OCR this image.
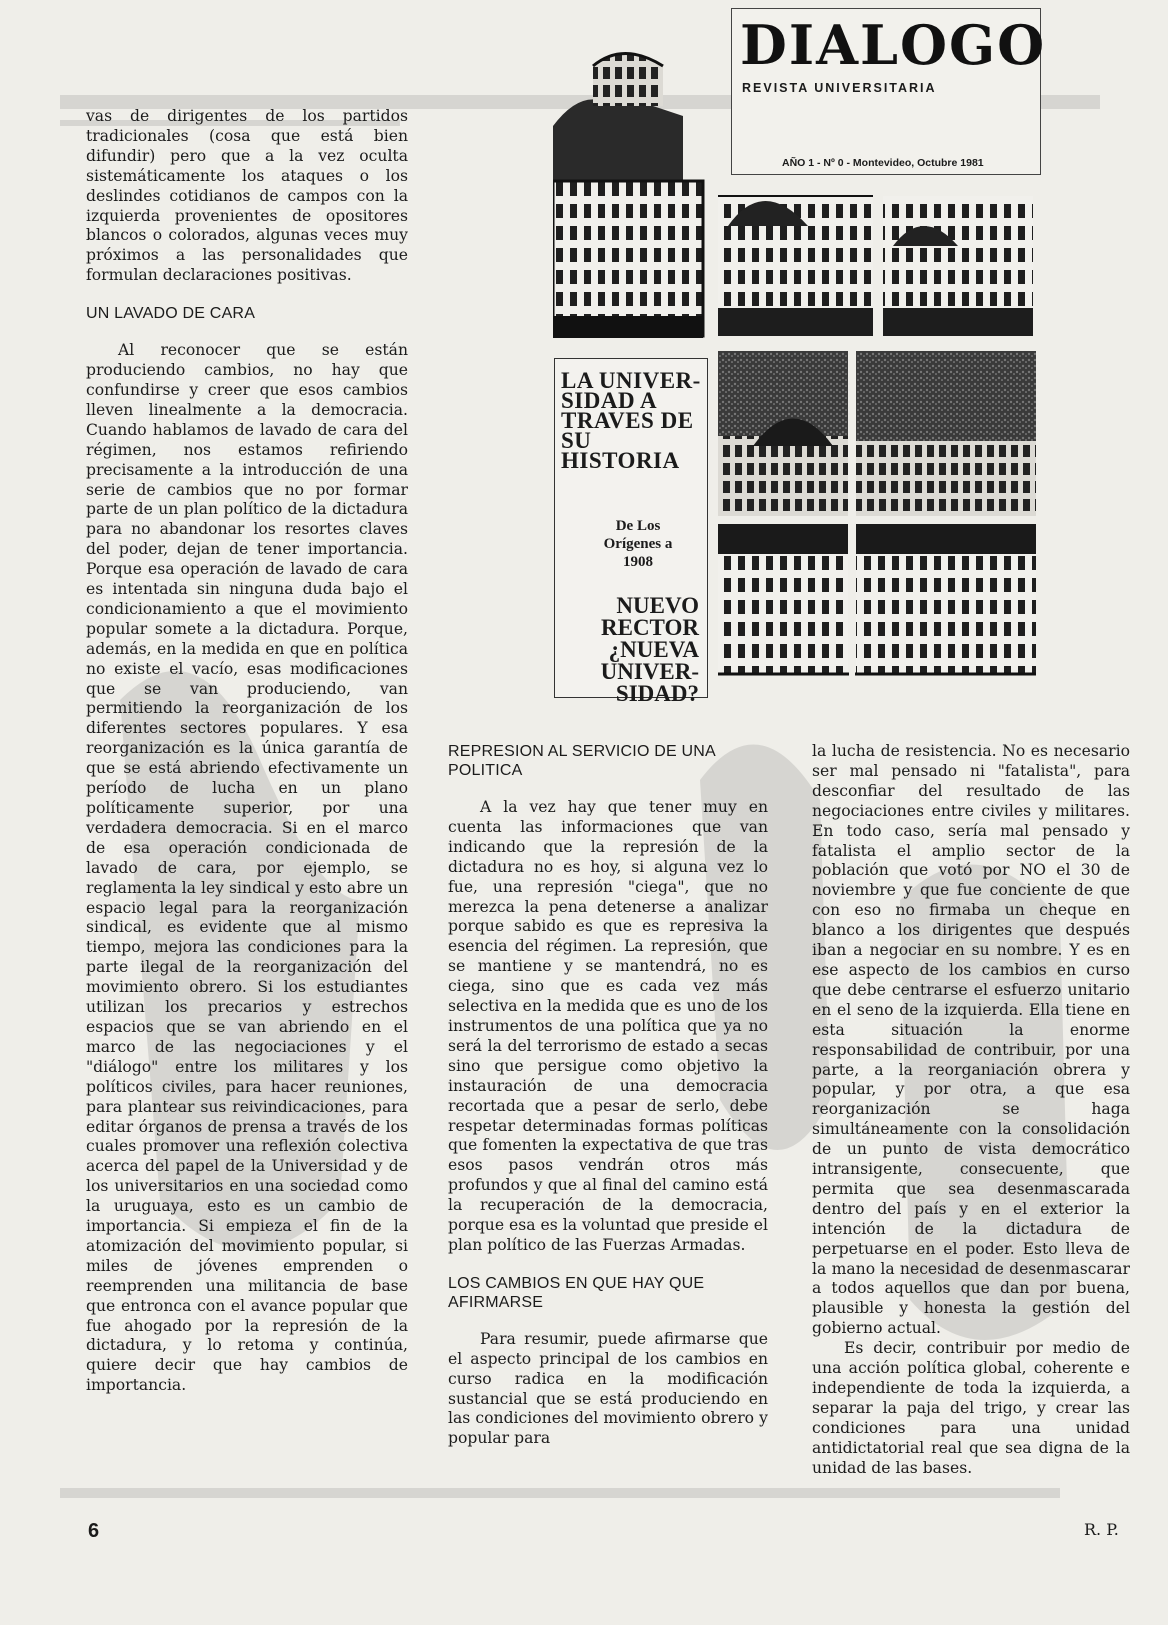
DIALOGO
REVISTA UNIVERSITARIA
AÑO 1 - Nº 0 - Montevideo, Octubre 1981
LA UNIVER-SIDAD A TRAVES DE SU HISTORIA
De Los Orígenes a 1908
NUEVO RECTOR ¿NUEVA UNIVER-SIDAD?

vas de dirigentes de los partidos tradicionales (cosa que está bien difundir) pero que a la vez oculta sistemáticamente los ataques o los deslindes cotidianos de campos con la izquierda provenientes de opositores blancos o colorados, algunas veces muy próximos a las personalidades que formulan declaraciones positivas.

UN LAVADO DE CARA

Al reconocer que se están produciendo cambios, no hay que confundirse y creer que esos cambios lleven linealmente a la democracia. Cuando hablamos de lavado de cara del régimen, nos estamos refiriendo precisamente a la introducción de una serie de cambios que no por formar parte de un plan político de la dictadura para no abandonar los resortes claves del poder, dejan de tener importancia. Porque esa operación de lavado de cara es intentada sin ninguna duda bajo el condicionamiento a que el movimiento popular somete a la dictadura. Porque, además, en la medida en que en política no existe el vacío, esas modificaciones que se van produciendo, van permitiendo la reorganización de los diferentes sectores populares. Y esa reorganización es la única garantía de que se está abriendo efectivamente un período de lucha en un plano políticamente superior, por una verdadera democracia. Si en el marco de esa operación condicionada de lavado de cara, por ejemplo, se reglamenta la ley sindical y esto abre un espacio legal para la reorganización sindical, es evidente que al mismo tiempo, mejora las condiciones para la parte ilegal de la reorganización del movimiento obrero. Si los estudiantes utilizan los precarios y estrechos espacios que se van abriendo en el marco de las negociaciones y el "diálogo" entre los militares y los políticos civiles, para hacer reuniones, para plantear sus reivindicaciones, para editar órganos de prensa a través de los cuales promover una reflexión colectiva acerca del papel de la Universidad y de los universitarios en una sociedad como la uruguaya, esto es un cambio de importancia. Si empieza el fin de la atomización del movimiento popular, si miles de jóvenes emprenden o reemprenden una militancia de base que entronca con el avance popular que fue ahogado por la represión de la dictadura, y lo retoma y continúa, quiere decir que hay cambios de importancia.

REPRESION AL SERVICIO DE UNA POLITICA

A la vez hay que tener muy en cuenta las informaciones que van indicando que la represión de la dictadura no es hoy, si alguna vez lo fue, una represión "ciega", que no merezca la pena detenerse a analizar porque sabido es que es represiva la esencia del régimen. La represión, que se mantiene y se mantendrá, no es ciega, sino que es cada vez más selectiva en la medida que es uno de los instrumentos de una política que ya no será la del terrorismo de estado a secas sino que persigue como objetivo la instauración de una democracia recortada que a pesar de serlo, debe respetar determinadas formas políticas que fomenten la expectativa de que tras esos pasos vendrán otros más profundos y que al final del camino está la recuperación de la democracia, porque esa es la voluntad que preside el plan político de las Fuerzas Armadas.

LOS CAMBIOS EN QUE HAY QUE AFIRMARSE

Para resumir, puede afirmarse que el aspecto principal de los cambios en curso radica en la modificación sustancial que se está produciendo en las condiciones del movimiento obrero y popular para

la lucha de resistencia. No es necesario ser mal pensado ni "fatalista", para desconfiar del resultado de las negociaciones entre civiles y militares. En todo caso, sería mal pensado y fatalista el amplio sector de la población que votó por NO el 30 de noviembre y que fue conciente de que con eso no firmaba un cheque en blanco a los dirigentes que después iban a negociar en su nombre. Y es en ese aspecto de los cambios en curso que debe centrarse el esfuerzo unitario en el seno de la izquierda. Ella tiene en esta situación la enorme responsabilidad de contribuir, por una parte, a la reorganiación obrera y popular, y por otra, a que esa reorganización se haga simultáneamente con la consolidación de un punto de vista democrático intransigente, consecuente, que permita que sea desenmascarada dentro del país y en el exterior la intención de la dictadura de perpetuarse en el poder. Esto lleva de la mano la necesidad de desenmascarar a todos aquellos que dan por buena, plausible y honesta la gestión del gobierno actual.

Es decir, contribuir por medio de una acción política global, coherente e independiente de toda la izquierda, a separar la paja del trigo, y crear las condiciones para una unidad antidictatorial real que sea digna de la unidad de las bases.

6	R. P.
